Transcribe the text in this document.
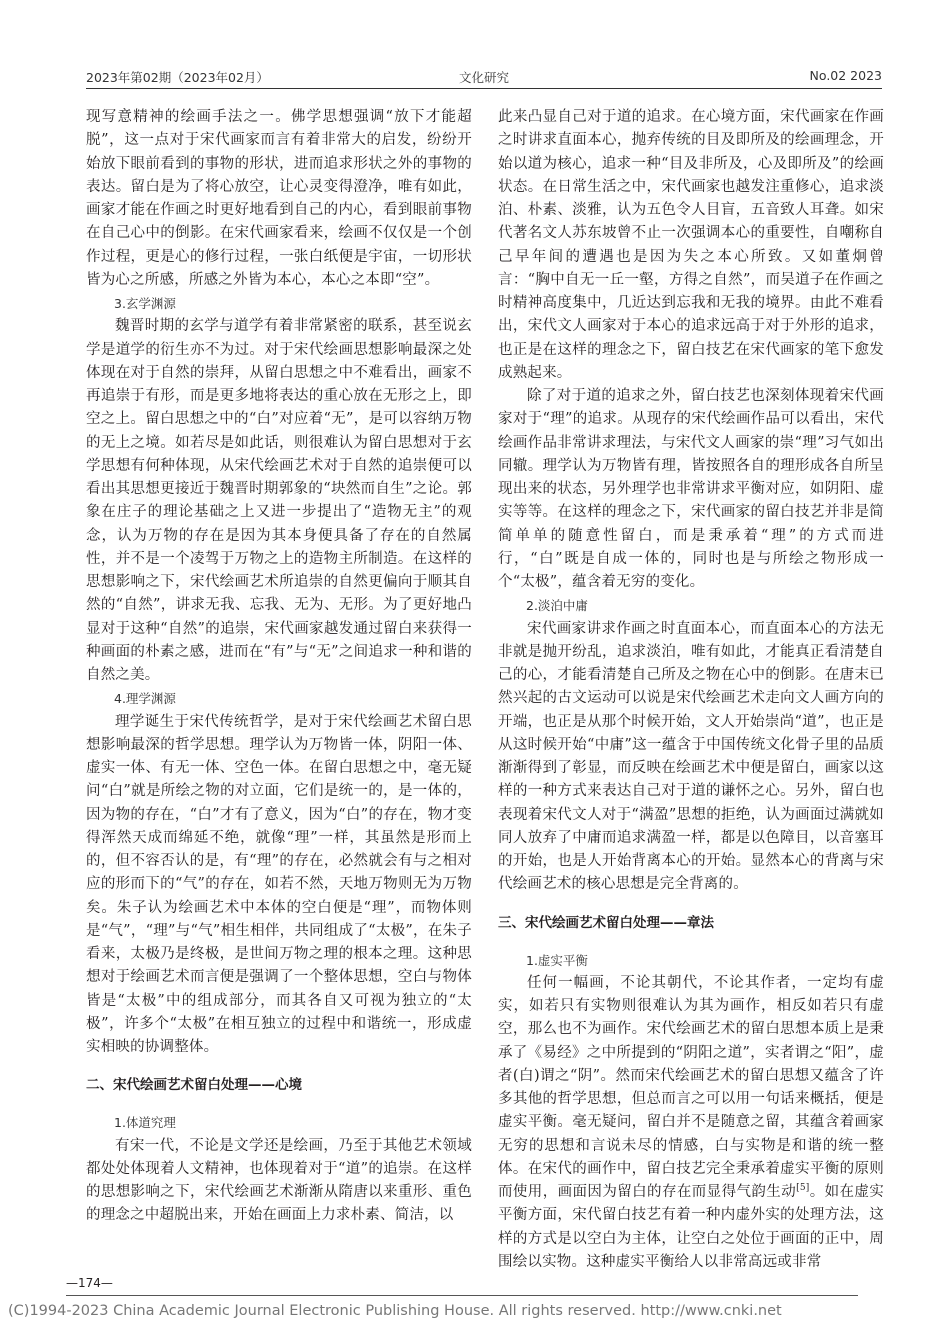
2023年第02期（2023年02月）	文化研究	No.02 2023

现写意精神的绘画手法之一。佛学思想强调“放下才能超脱”，这一点对于宋代画家而言有着非常大的启发，纷纷开始放下眼前看到的事物的形状，进而追求形状之外的事物的表达。留白是为了将心放空，让心灵变得澄净，唯有如此，画家才能在作画之时更好地看到自己的内心，看到眼前事物在自己心中的倒影。在宋代画家看来，绘画不仅仅是一个创作过程，更是心的修行过程，一张白纸便是宇宙，一切形状皆为心之所感，所感之外皆为本心，本心之本即“空”。

3.玄学渊源

魏晋时期的玄学与道学有着非常紧密的联系，甚至说玄学是道学的衍生亦不为过。对于宋代绘画思想影响最深之处体现在对于自然的崇拜，从留白思想之中不难看出，画家不再追崇于有形，而是更多地将表达的重心放在无形之上，即空之上。留白思想之中的“白”对应着“无”，是可以容纳万物的无上之境。如若尽是如此话，则很难认为留白思想对于玄学思想有何种体现，从宋代绘画艺术对于自然的追崇便可以看出其思想更接近于魏晋时期郭象的“块然而自生”之论。郭象在庄子的理论基础之上又进一步提出了“造物无主”的观念，认为万物的存在是因为其本身便具备了存在的自然属性，并不是一个凌驾于万物之上的造物主所制造。在这样的思想影响之下，宋代绘画艺术所追崇的自然更偏向于顺其自然的“自然”，讲求无我、忘我、无为、无形。为了更好地凸显对于这种“自然”的追崇，宋代画家越发通过留白来获得一种画面的朴素之感，进而在“有”与“无”之间追求一种和谐的自然之美。

4.理学渊源

理学诞生于宋代传统哲学，是对于宋代绘画艺术留白思想影响最深的哲学思想。理学认为万物皆一体，阴阳一体、虚实一体、有无一体、空色一体。在留白思想之中，毫无疑问“白”就是所绘之物的对立面，它们是统一的，是一体的，因为物的存在，“白”才有了意义，因为“白”的存在，物才变得浑然天成而绵延不绝，就像“理”一样，其虽然是形而上的，但不容否认的是，有“理”的存在，必然就会有与之相对应的形而下的“气”的存在，如若不然，天地万物则无为万物矣。朱子认为绘画艺术中本体的空白便是“理”，而物体则是“气”，“理”与“气”相生相伴，共同组成了“太极”，在朱子看来，太极乃是终极，是世间万物之理的根本之理。这种思想对于绘画艺术而言便是强调了一个整体思想，空白与物体皆是“太极”中的组成部分，而其各自又可视为独立的“太极”，许多个“太极”在相互独立的过程中和谐统一，形成虚实相映的协调整体。

二、宋代绘画艺术留白处理——心境
1.体道究理

有宋一代，不论是文学还是绘画，乃至于其他艺术领域都处处体现着人文精神，也体现着对于“道”的追崇。在这样的思想影响之下，宋代绘画艺术渐渐从隋唐以来重形、重色的理念之中超脱出来，开始在画面上力求朴素、简洁，以

此来凸显自己对于道的追求。在心境方面，宋代画家在作画之时讲求直面本心，抛弃传统的目及即所及的绘画理念，开始以道为核心，追求一种“目及非所及，心及即所及”的绘画状态。在日常生活之中，宋代画家也越发注重修心，追求淡泊、朴素、淡雅，认为五色令人目盲，五音致人耳聋。如宋代著名文人苏东坡曾不止一次强调本心的重要性，自嘲称自己早年间的遭遇也是因为失之本心所致。又如董炯曾言：“胸中自无一丘一壑，方得之自然”，而吴道子在作画之时精神高度集中，几近达到忘我和无我的境界。由此不难看出，宋代文人画家对于本心的追求远高于对于外形的追求，也正是在这样的理念之下，留白技艺在宋代画家的笔下愈发成熟起来。

除了对于道的追求之外，留白技艺也深刻体现着宋代画家对于“理”的追求。从现存的宋代绘画作品可以看出，宋代绘画作品非常讲求理法，与宋代文人画家的崇“理”习气如出同辙。理学认为万物皆有理，皆按照各自的理形成各自所呈现出来的状态，另外理学也非常讲求平衡对应，如阴阳、虚实等等。在这样的理念之下，宋代画家的留白技艺并非是简简单单的随意性留白，而是秉承着“理”的方式而进行，“白”既是自成一体的，同时也是与所绘之物形成一个“太极”，蕴含着无穷的变化。

2.淡泊中庸

宋代画家讲求作画之时直面本心，而直面本心的方法无非就是抛开纷乱，追求淡泊，唯有如此，才能真正看清楚自己的心，才能看清楚自己所及之物在心中的倒影。在唐末已然兴起的古文运动可以说是宋代绘画艺术走向文人画方向的开端，也正是从那个时候开始，文人开始崇尚“道”，也正是从这时候开始“中庸”这一蕴含于中国传统文化骨子里的品质渐渐得到了彰显，而反映在绘画艺术中便是留白，画家以这样的一种方式来表达自己对于道的谦怀之心。另外，留白也表现着宋代文人对于“满盈”思想的拒绝，认为画面过满就如同人放弃了中庸而追求满盈一样，都是以色障目，以音塞耳的开始，也是人开始背离本心的开始。显然本心的背离与宋代绘画艺术的核心思想是完全背离的。

三、宋代绘画艺术留白处理——章法
1.虚实平衡

任何一幅画，不论其朝代，不论其作者，一定均有虚实，如若只有实物则很难认为其为画作，相反如若只有虚空，那么也不为画作。宋代绘画艺术的留白思想本质上是秉承了《易经》之中所提到的“阴阳之道”，实者谓之“阳”，虚者(白)谓之“阴”。然而宋代绘画艺术的留白思想又蕴含了许多其他的哲学思想，但总而言之可以用一句话来概括，便是虚实平衡。毫无疑问，留白并不是随意之留，其蕴含着画家无穷的思想和言说未尽的情感，白与实物是和谐的统一整体。在宋代的画作中，留白技艺完全秉承着虚实平衡的原则而使用，画面因为留白的存在而显得气韵生动[5]。如在虚实平衡方面，宋代留白技艺有着一种内虚外实的处理方法，这样的方式是以空白为主体，让空白之处位于画面的正中，周围绘以实物。这种虚实平衡给人以非常高远或非常

—174—
(C)1994-2023 China Academic Journal Electronic Publishing House. All rights reserved. http://www.cnki.net
